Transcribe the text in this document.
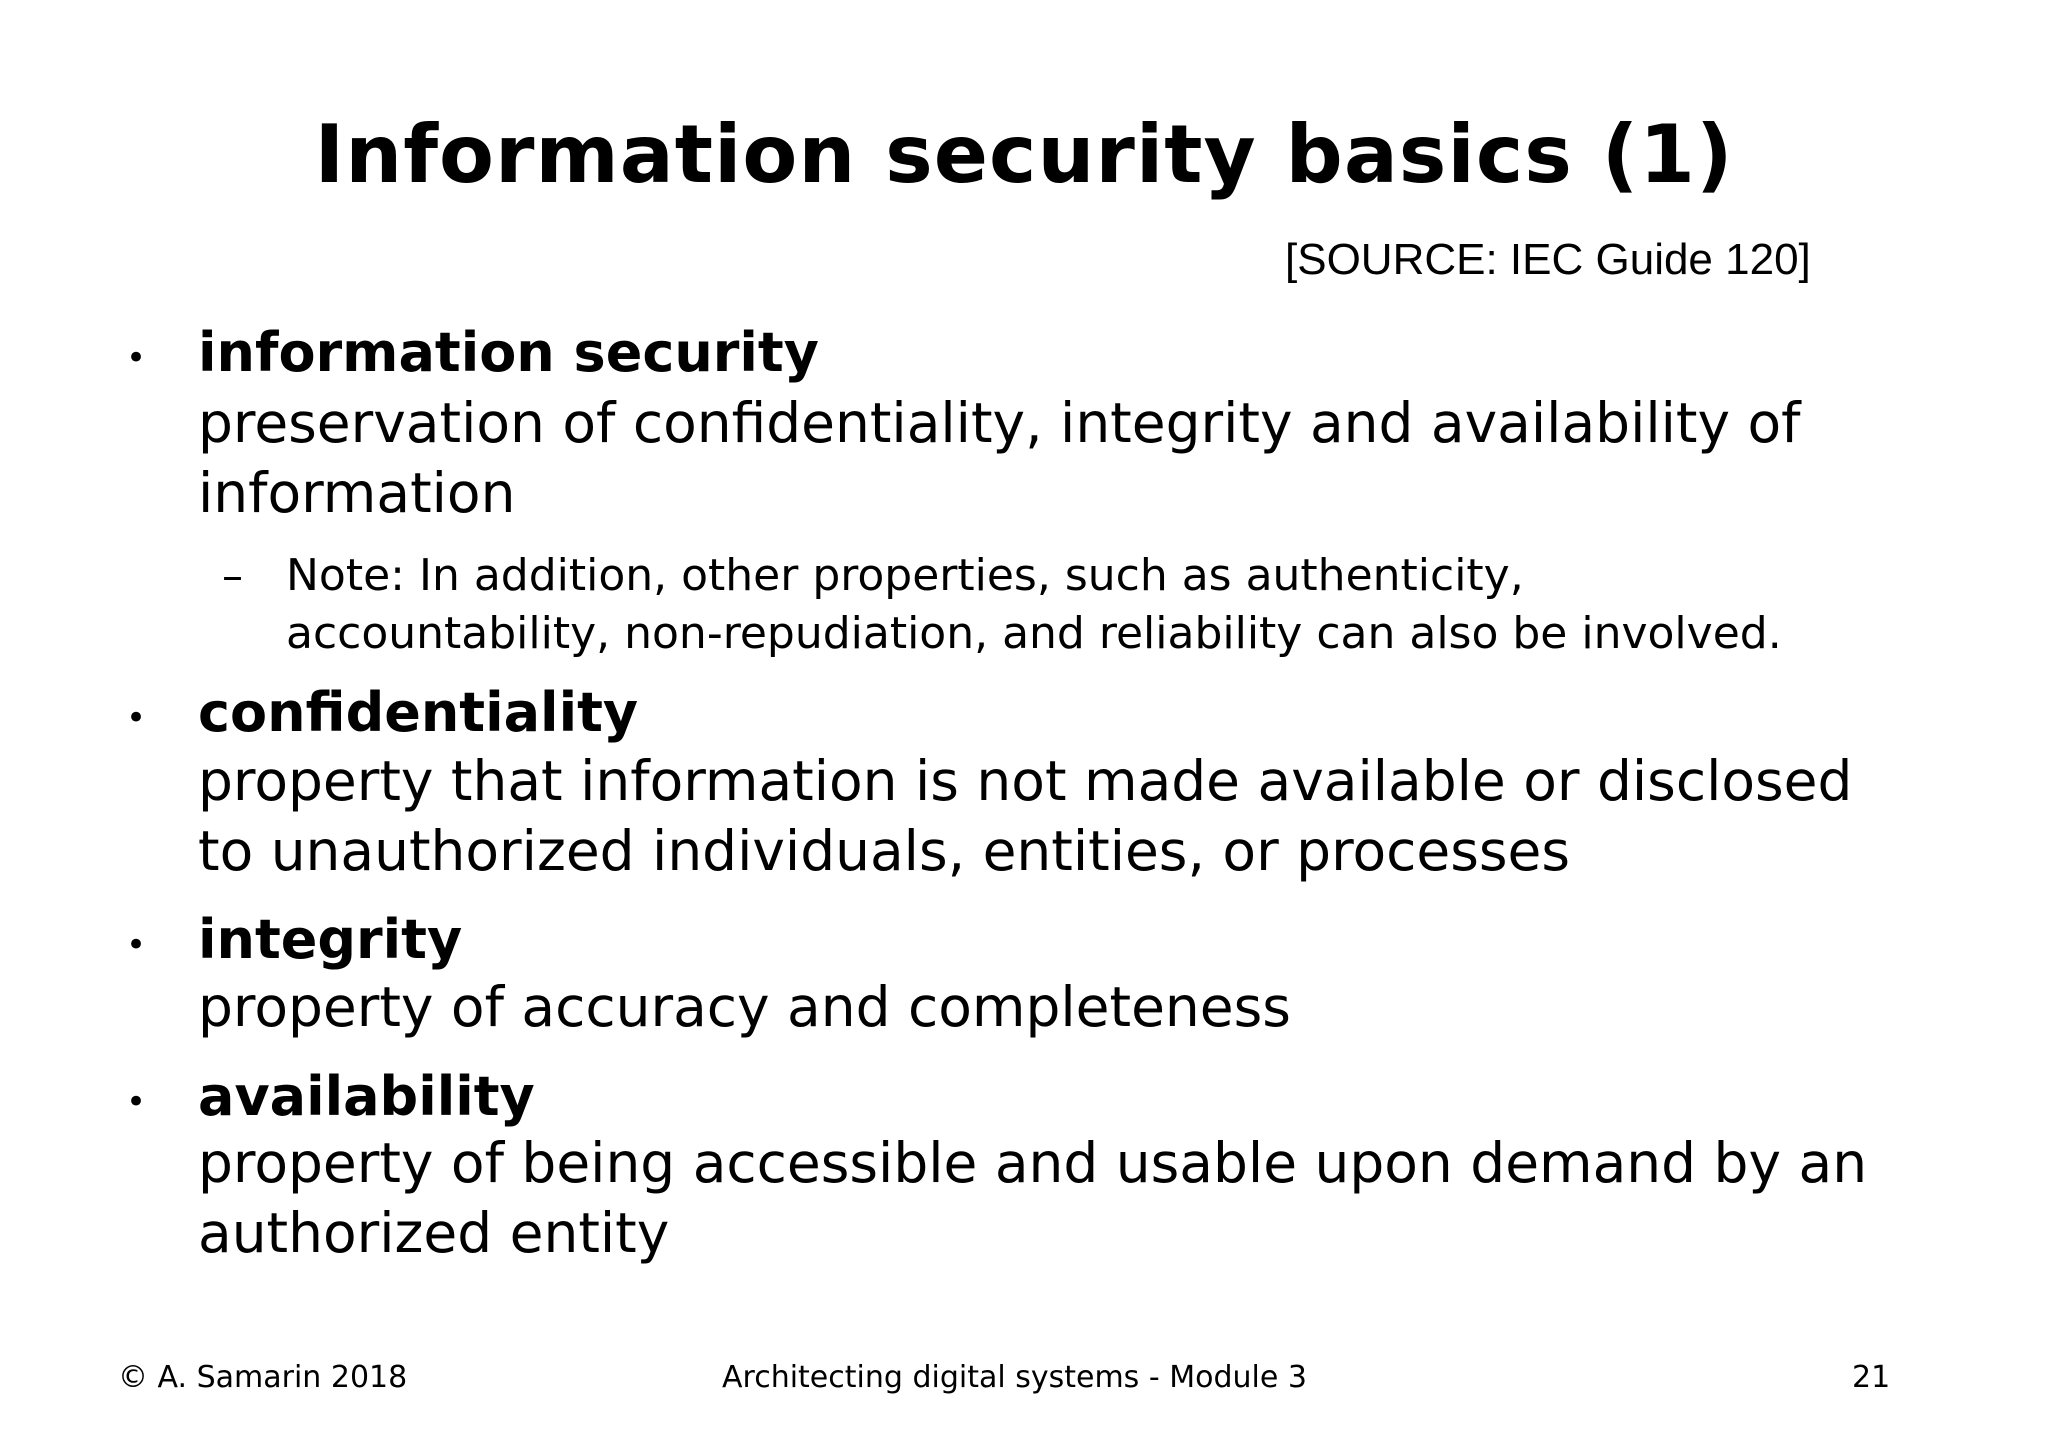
Information security basics (1)
[SOURCE: IEC Guide 120]
• information security
preservation of confidentiality, integrity and availability of
information
– Note: In addition, other properties, such as authenticity,
accountability, non-repudiation, and reliability can also be involved.
• confidentiality
property that information is not made available or disclosed
to unauthorized individuals, entities, or processes
• integrity
property of accuracy and completeness
• availability
property of being accessible and usable upon demand by an
authorized entity
© A. Samarin 2018	Architecting digital systems - Module 3	21
